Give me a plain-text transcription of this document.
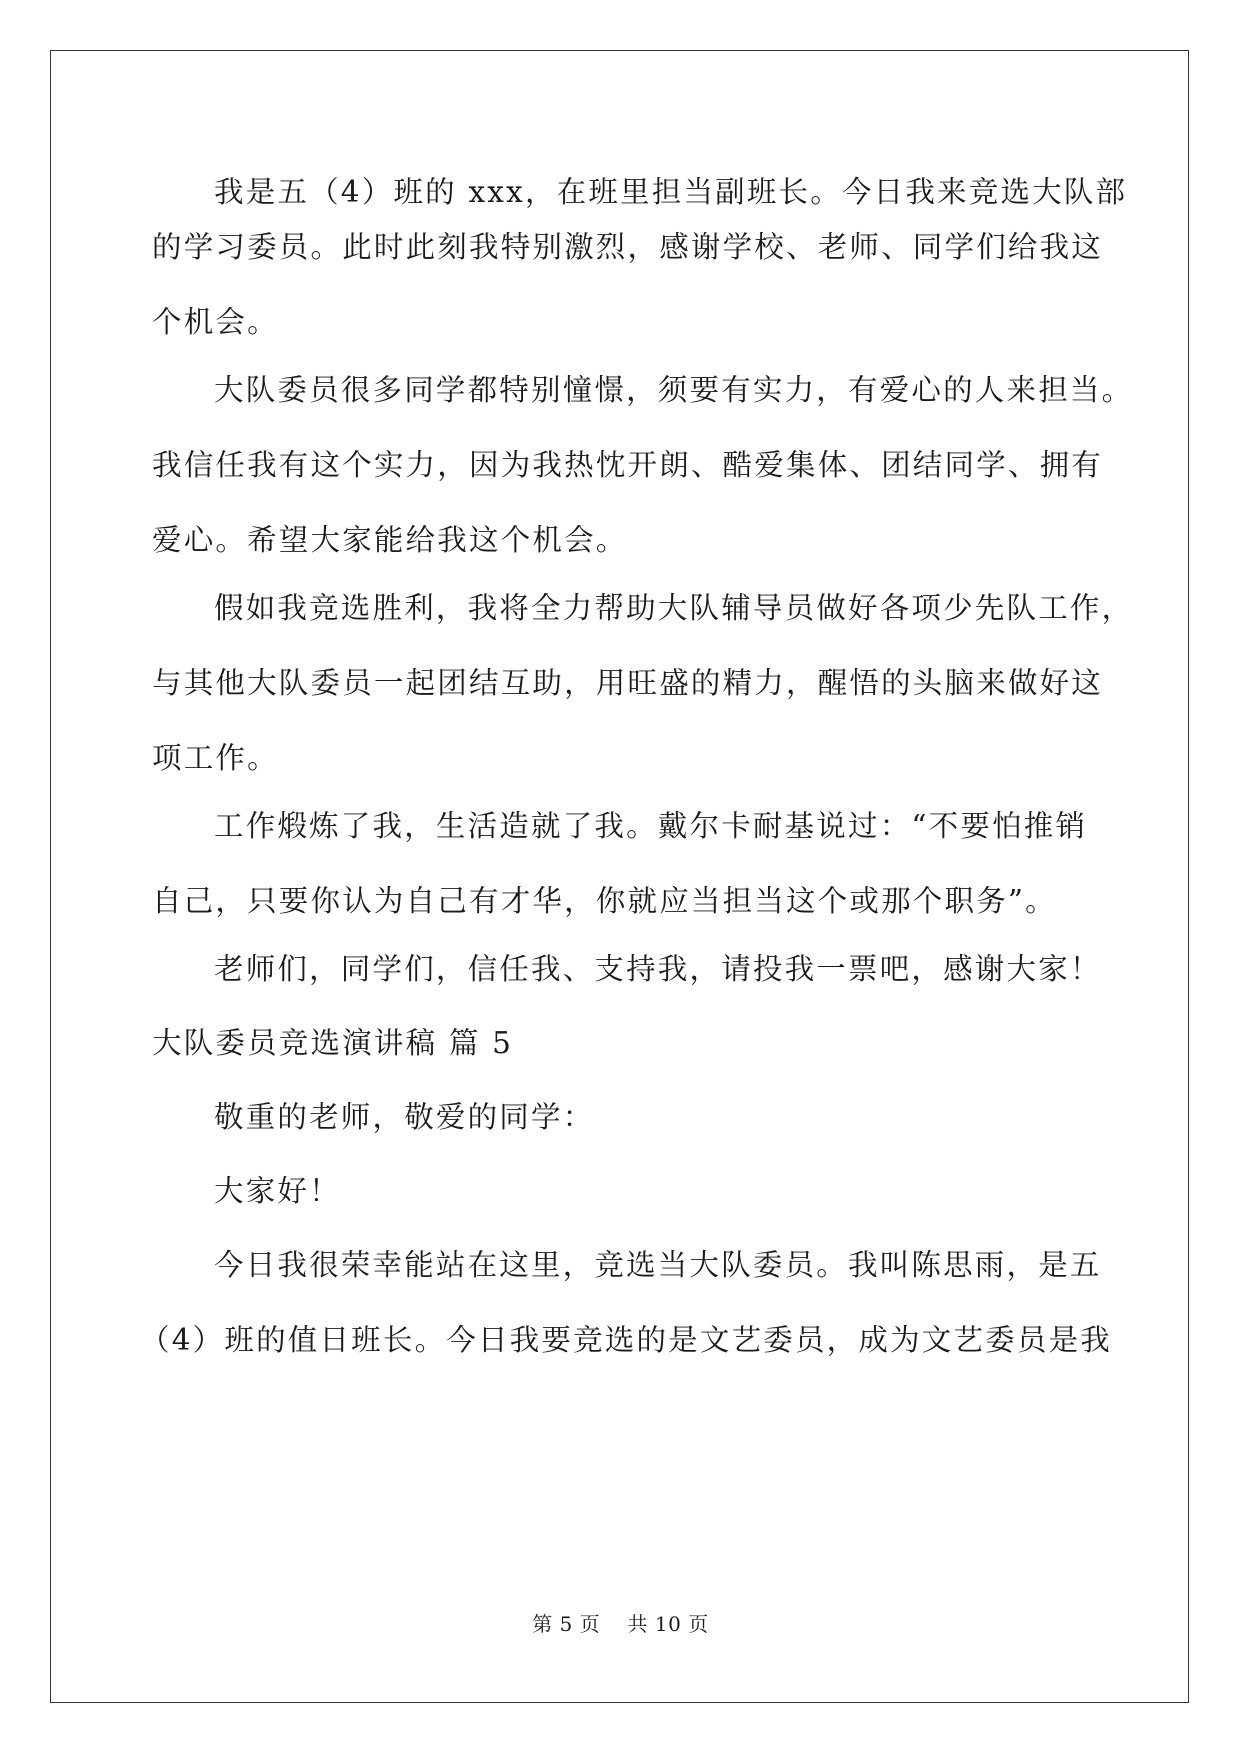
我是五（4）班的 xxx，在班里担当副班长。今日我来竞选大队部
的学习委员。此时此刻我特别激烈，感谢学校、老师、同学们给我这
个机会。
大队委员很多同学都特别憧憬，须要有实力，有爱心的人来担当。
我信任我有这个实力，因为我热忱开朗、酷爱集体、团结同学、拥有
爱心。希望大家能给我这个机会。
假如我竞选胜利，我将全力帮助大队辅导员做好各项少先队工作，
与其他大队委员一起团结互助，用旺盛的精力，醒悟的头脑来做好这
项工作。
工作煅炼了我，生活造就了我。戴尔卡耐基说过：“不要怕推销
自己，只要你认为自己有才华，你就应当担当这个或那个职务”。
老师们，同学们，信任我、支持我，请投我一票吧，感谢大家！
大队委员竞选演讲稿 篇 5
敬重的老师，敬爱的同学：
大家好！
今日我很荣幸能站在这里，竞选当大队委员。我叫陈思雨，是五
（4）班的值日班长。今日我要竞选的是文艺委员，成为文艺委员是我
第 5 页　 共 10 页
